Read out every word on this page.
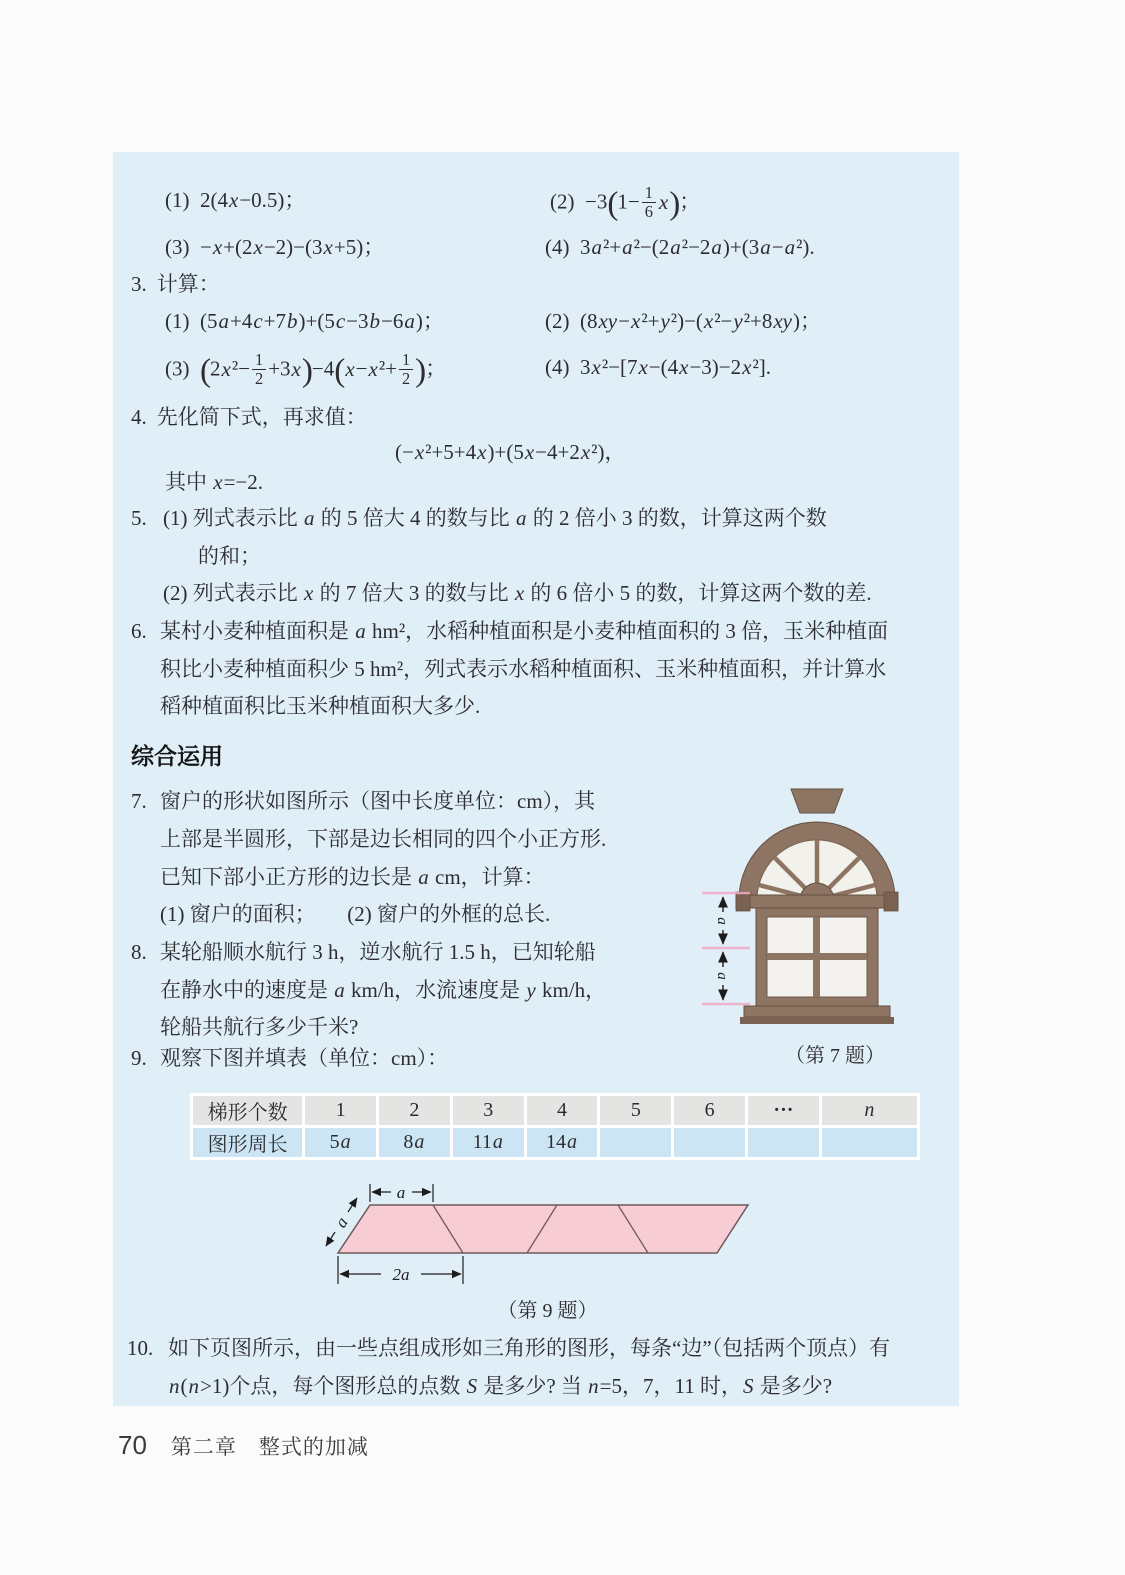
(1)  2(4x−0.5)；	$(2) -3(1- \frac{1}{6} x)$；
(3)  −x+(2x−2)−(3x+5)；	(4)  3a²+a²−(2a²−2a)+(3a−a²).
3. 计算：
(1)  (5a+4c+7b)+(5c−3b−6a)；	(2)  (8xy−x²+y²)−(x²−y²+8xy)；
(3)  $(2x^2- \frac{1}{2} +3x)-4(x-x^2+ \frac{1}{2}$ )；	(4)  3x²−[7x−(4x−3)−2x²].
4. 先化简下式，再求值：
(−x²+5+4x)+(5x−4+2x²)，
其中 x=−2.
5. (1) 列式表示比 a 的 5 倍大 4 的数与比 a 的 2 倍小 3 的数，计算这两个数
的和；
(2) 列式表示比 x 的 7 倍大 3 的数与比 x 的 6 倍小 5 的数，计算这两个数的差.
6. 某村小麦种植面积是 a hm²，水稻种植面积是小麦种植面积的 3 倍，玉米种植面
积比小麦种植面积少 5 hm²，列式表示水稻种植面积、玉米种植面积，并计算水
稻种植面积比玉米种植面积大多少.
综合运用
7. 窗户的形状如图所示（图中长度单位：cm），其
上部是半圆形，下部是边长相同的四个小正方形.
已知下部小正方形的边长是 a cm，计算：
(1) 窗户的面积；　　(2) 窗户的外框的总长.
8. 某轮船顺水航行 3 h，逆水航行 1.5 h，已知轮船
在静水中的速度是 a km/h，水流速度是 y km/h，
轮船共航行多少千米?
9. 观察下图并填表（单位：cm）：	（第 7 题）
a
a
梯形个数	1	2	3	4	5	6	···	n
图形周长	5a	8a	11a	14a				
a
a
2a
（第 9 题）
10. 如下页图所示，由一些点组成形如三角形的图形，每条“边”（包括两个顶点）有
n(n>1)个点，每个图形总的点数 S 是多少? 当 n=5，7，11 时，S 是多少?
70 第二章　整式的加减
